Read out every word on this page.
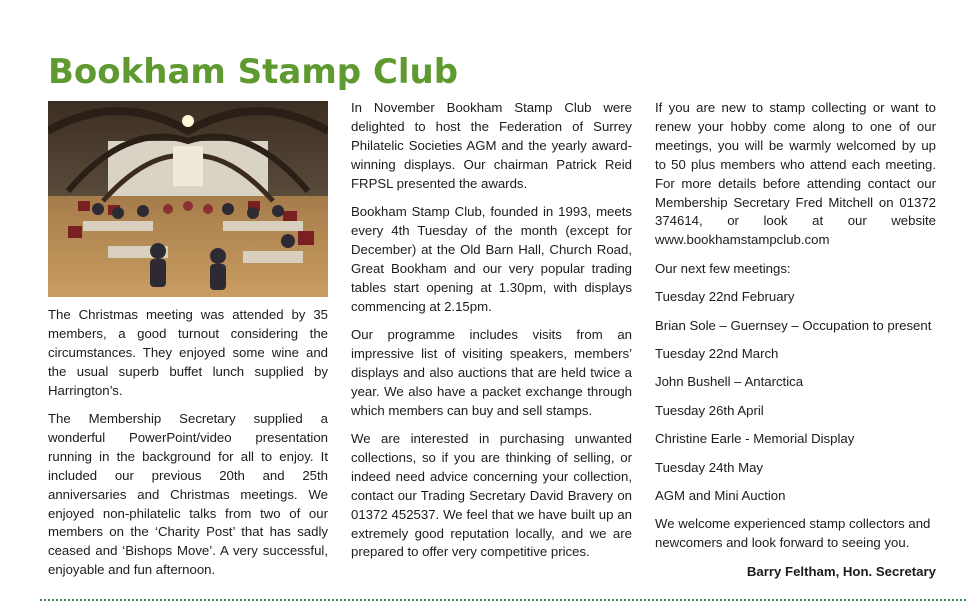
Bookham Stamp Club

The Christmas meeting was attended by 35 members, a good turnout considering the circumstances. They enjoyed some wine and the usual superb buffet lunch supplied by Harrington’s.

The Membership Secretary supplied a wonderful PowerPoint/video presentation running in the background for all to enjoy. It included our previous 20th and 25th anniversaries and Christmas meetings. We enjoyed non-philatelic talks from two of our members on the ‘Charity Post’ that has sadly ceased and ‘Bishops Move’. A very successful, enjoyable and fun afternoon.

In November Bookham Stamp Club were delighted to host the Federation of Surrey Philatelic Societies AGM and the yearly award-winning displays. Our chairman Patrick Reid FRPSL presented the awards.

Bookham Stamp Club, founded in 1993, meets every 4th Tuesday of the month (except for December) at the Old Barn Hall, Church Road, Great Bookham and our very popular trading tables start opening at 1.30pm, with displays commencing at 2.15pm.

Our programme includes visits from an impressive list of visiting speakers, members’ displays and also auctions that are held twice a year. We also have a packet exchange through which members can buy and sell stamps.

We are interested in purchasing unwanted collections, so if you are thinking of selling, or indeed need advice concerning your collection, contact our Trading Secretary David Bravery on 01372 452537. We feel that we have built up an extremely good reputation locally, and we are prepared to offer very competitive prices.

If you are new to stamp collecting or want to renew your hobby come along to one of our meetings, you will be warmly welcomed by up to 50 plus members who attend each meeting. For more details before attending contact our Membership Secretary Fred Mitchell on 01372 374614, or look at our website www.bookhamstampclub.com

Our next few meetings:

Tuesday 22nd February

Brian Sole – Guernsey – Occupation to present

Tuesday 22nd March

John Bushell – Antarctica

Tuesday 26th April

Christine Earle - Memorial Display

Tuesday 24th May

AGM and Mini Auction

We welcome experienced stamp collectors and newcomers and look forward to seeing you.

Barry Feltham, Hon. Secretary
